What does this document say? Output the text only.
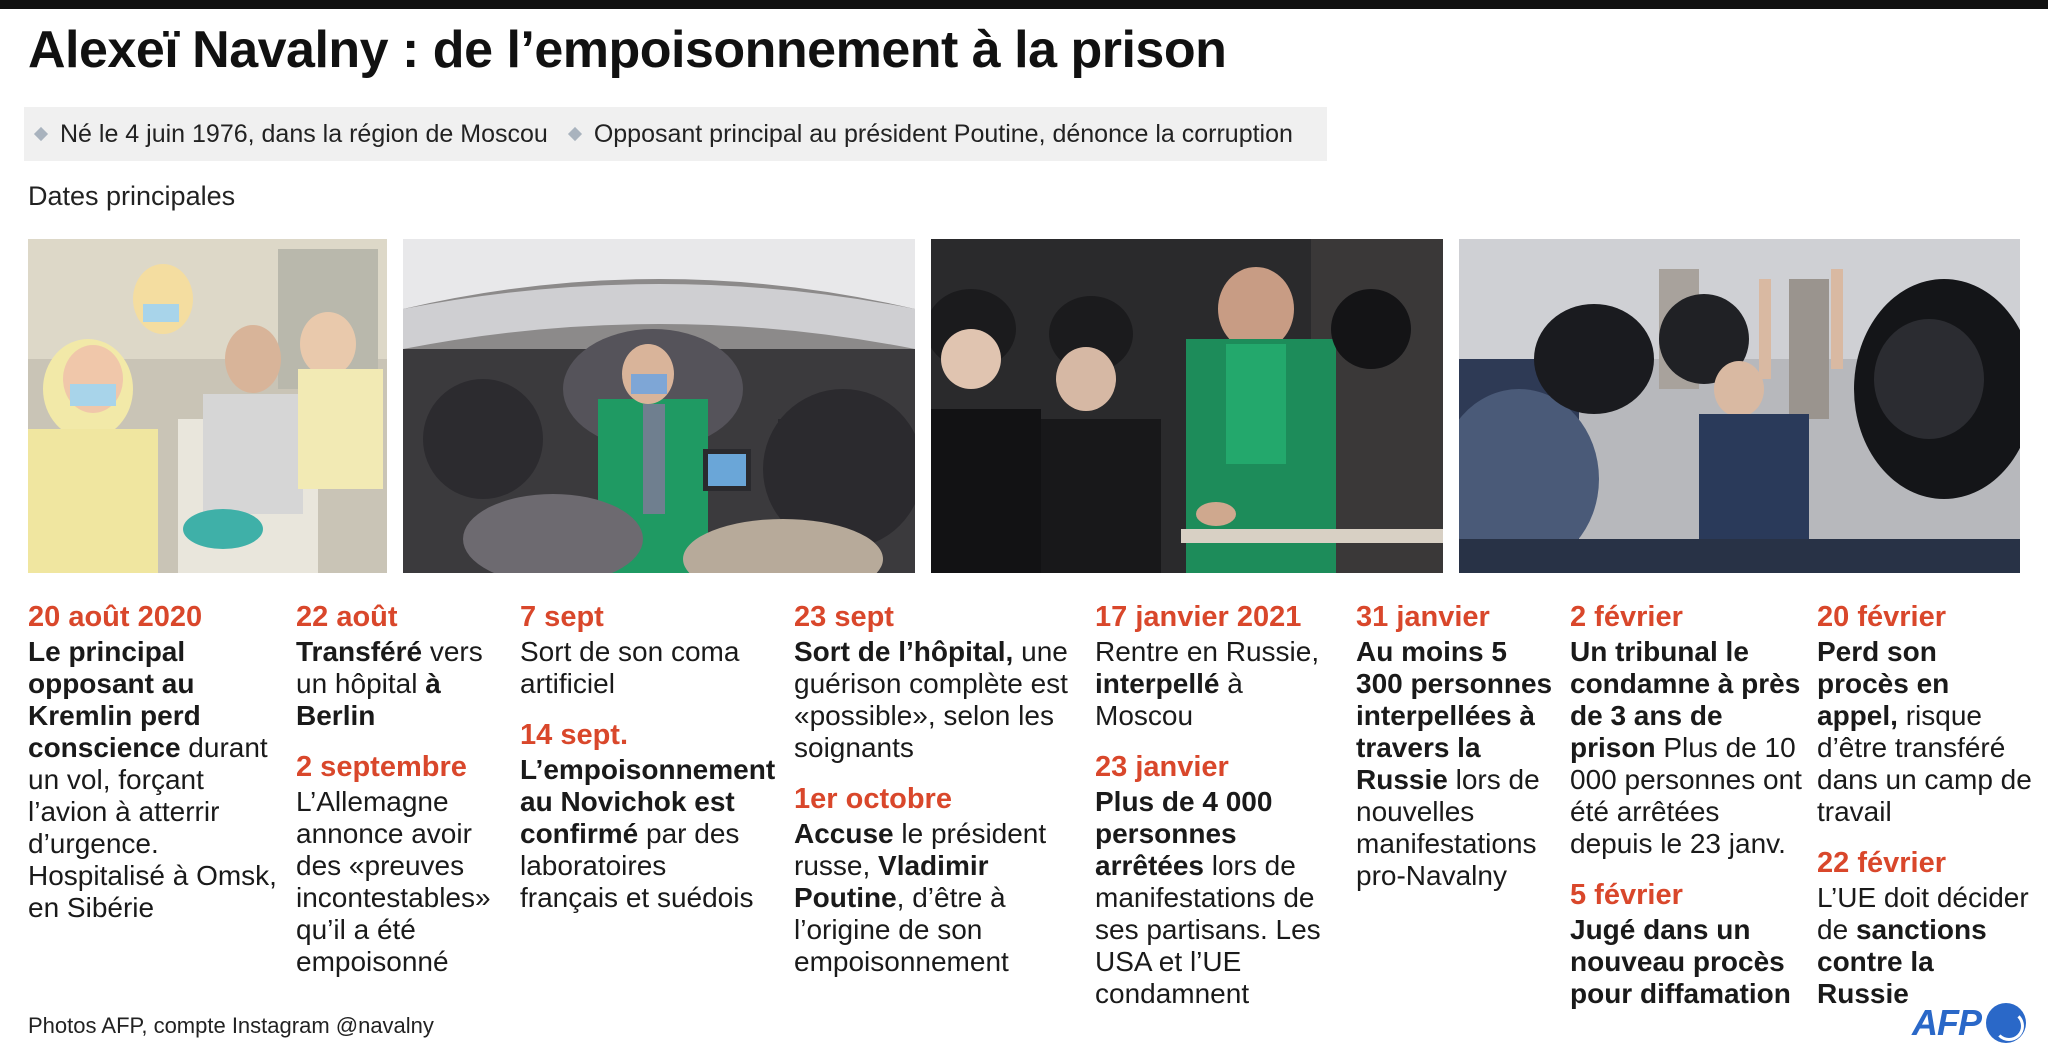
Alexeï Navalny : de l’empoisonnement à la prison
Né le 4 juin 1976, dans la région de Moscou Opposant principal au président Poutine, dénonce la corruption
Dates principales
20 août 2020
Le principal opposant au Kremlin perd conscience durant un vol, forçant l’avion à atterrir d’urgence. Hospitalisé à Omsk, en Sibérie
22 août
Transféré vers un hôpital à Berlin
2 septembre
L’Allemagne annonce avoir des «preuves incontestables» qu’il a été empoisonné
7 sept
Sort de son coma artificiel
14 sept.
L’empoisonnement au Novichok est confirmé par des laboratoires français et suédois
23 sept
Sort de l’hôpital, une guérison complète est «possible», selon les soignants
1er octobre
Accuse le président russe, Vladimir Poutine, d’être à l’origine de son empoisonnement
17 janvier 2021
Rentre en Russie, interpellé à Moscou
23 janvier
Plus de 4 000 personnes arrêtées lors de manifestations de ses partisans. Les USA et l’UE condamnent
31 janvier
Au moins 5 300 personnes interpellées à travers la Russie lors de nouvelles manifestations pro-Navalny
2 février
Un tribunal le condamne à près de 3 ans de prison Plus de 10 000 personnes ont été arrêtées depuis le 23 janv.
5 février
Jugé dans un nouveau procès pour diffamation
20 février
Perd son procès en appel, risque d’être transféré dans un camp de travail
22 février
L’UE doit décider de sanctions contre la Russie
Photos AFP, compte Instagram @navalny	AFP
